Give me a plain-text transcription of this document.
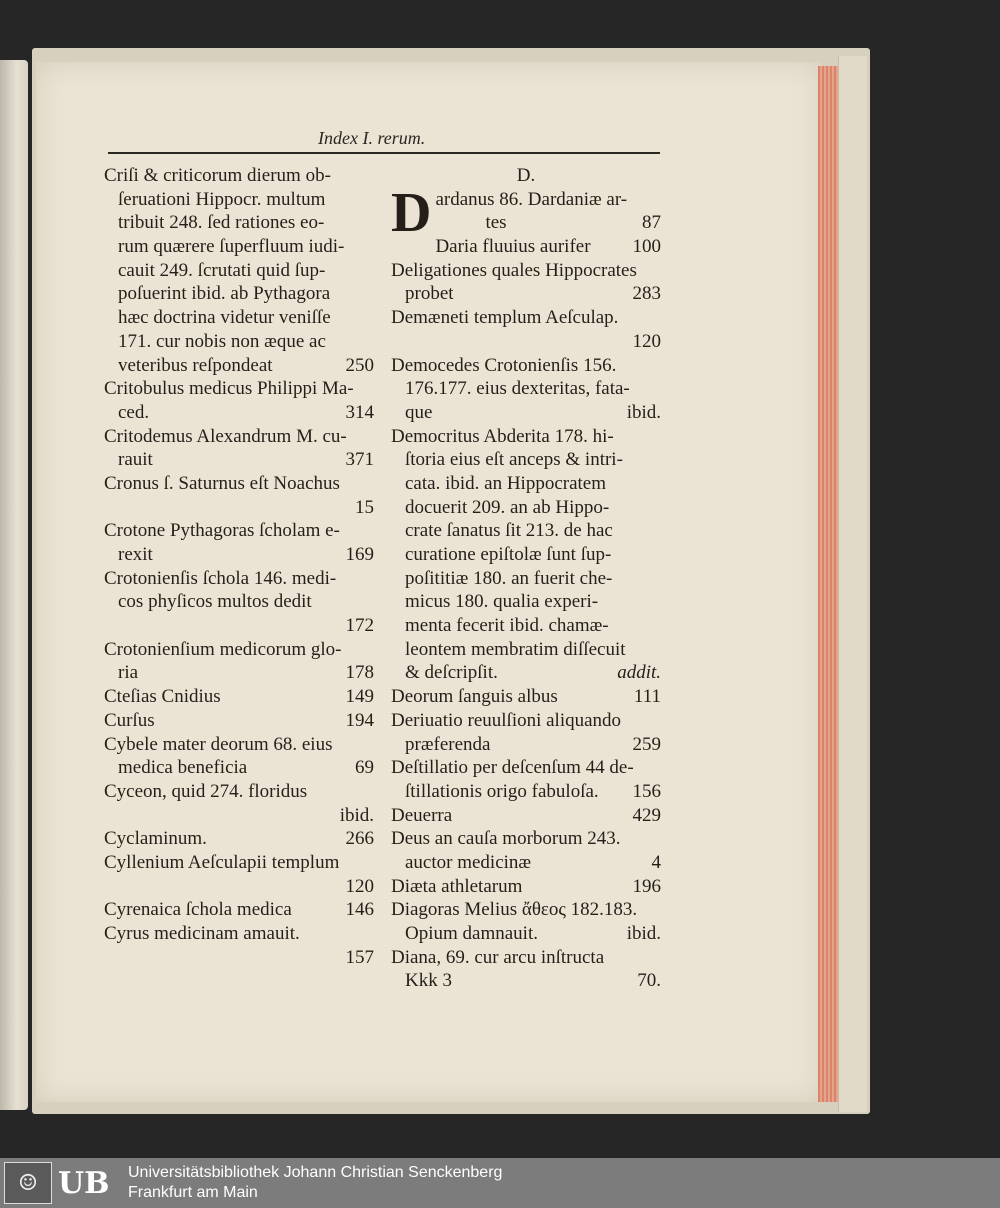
Index I. rerum.
Criſi & criticorum dierum ob-
ſeruationi Hippocr. multum
tribuit 248. ſed rationes eo-
rum quærere ſuperfluum iudi-
cauit 249. ſcrutati quid ſup-
poſuerint ibid. ab Pythagora
hæc doctrina videtur veniſſe
171. cur nobis non æque ac
veteribus reſpondeat	250
Critobulus medicus Philippi Ma-
ced.	314
Critodemus Alexandrum M. cu-
rauit	371
Cronus ſ. Saturnus eſt Noachus
15
Crotone Pythagoras ſcholam e-
rexit	169
Crotonienſis ſchola 146. medi-
cos phyſicos multos dedit
172
Crotonienſium medicorum glo-
ria	178
Cteſias Cnidius	149
Curſus	194
Cybele mater deorum 68. eius
medica beneficia	69
Cyceon, quid 274. floridus
ibid.
Cyclaminum.	266
Cyllenium Aeſculapii templum
120
Cyrenaica ſchola medica	146
Cyrus medicinam amauit.
157
D.
D ardanus 86. Dardaniæ ar-
tes	87
Daria fluuius aurifer	100
Deligationes quales Hippocrates
probet	283
Demæneti templum Aeſculap.
120
Democedes Crotonienſis 156.
176.177. eius dexteritas, fata-
que	ibid.
Democritus Abderita 178. hi-
ſtoria eius eſt anceps & intri-
cata. ibid. an Hippocratem
docuerit 209. an ab Hippo-
crate ſanatus ſit 213. de hac
curatione epiſtolæ ſunt ſup-
poſititiæ 180. an fuerit che-
micus 180. qualia experi-
menta fecerit ibid. chamæ-
leontem membratim diſſecuit
& deſcripſit.	addit.
Deorum ſanguis albus	111
Deriuatio reuulſioni aliquando
præferenda	259
Deſtillatio per deſcenſum 44 de-
ſtillationis origo fabuloſa.	156
Deuerra	429
Deus an cauſa morborum 243.
auctor medicinæ	4
Diæta athletarum	196
Diagoras Melius ἄθεος 182.183.
Opium damnauit.	ibid.
Diana, 69. cur arcu inſtructa
Kkk 3	70.
☺ UB Universitätsbibliothek Johann Christian Senckenberg
Frankfurt am Main
